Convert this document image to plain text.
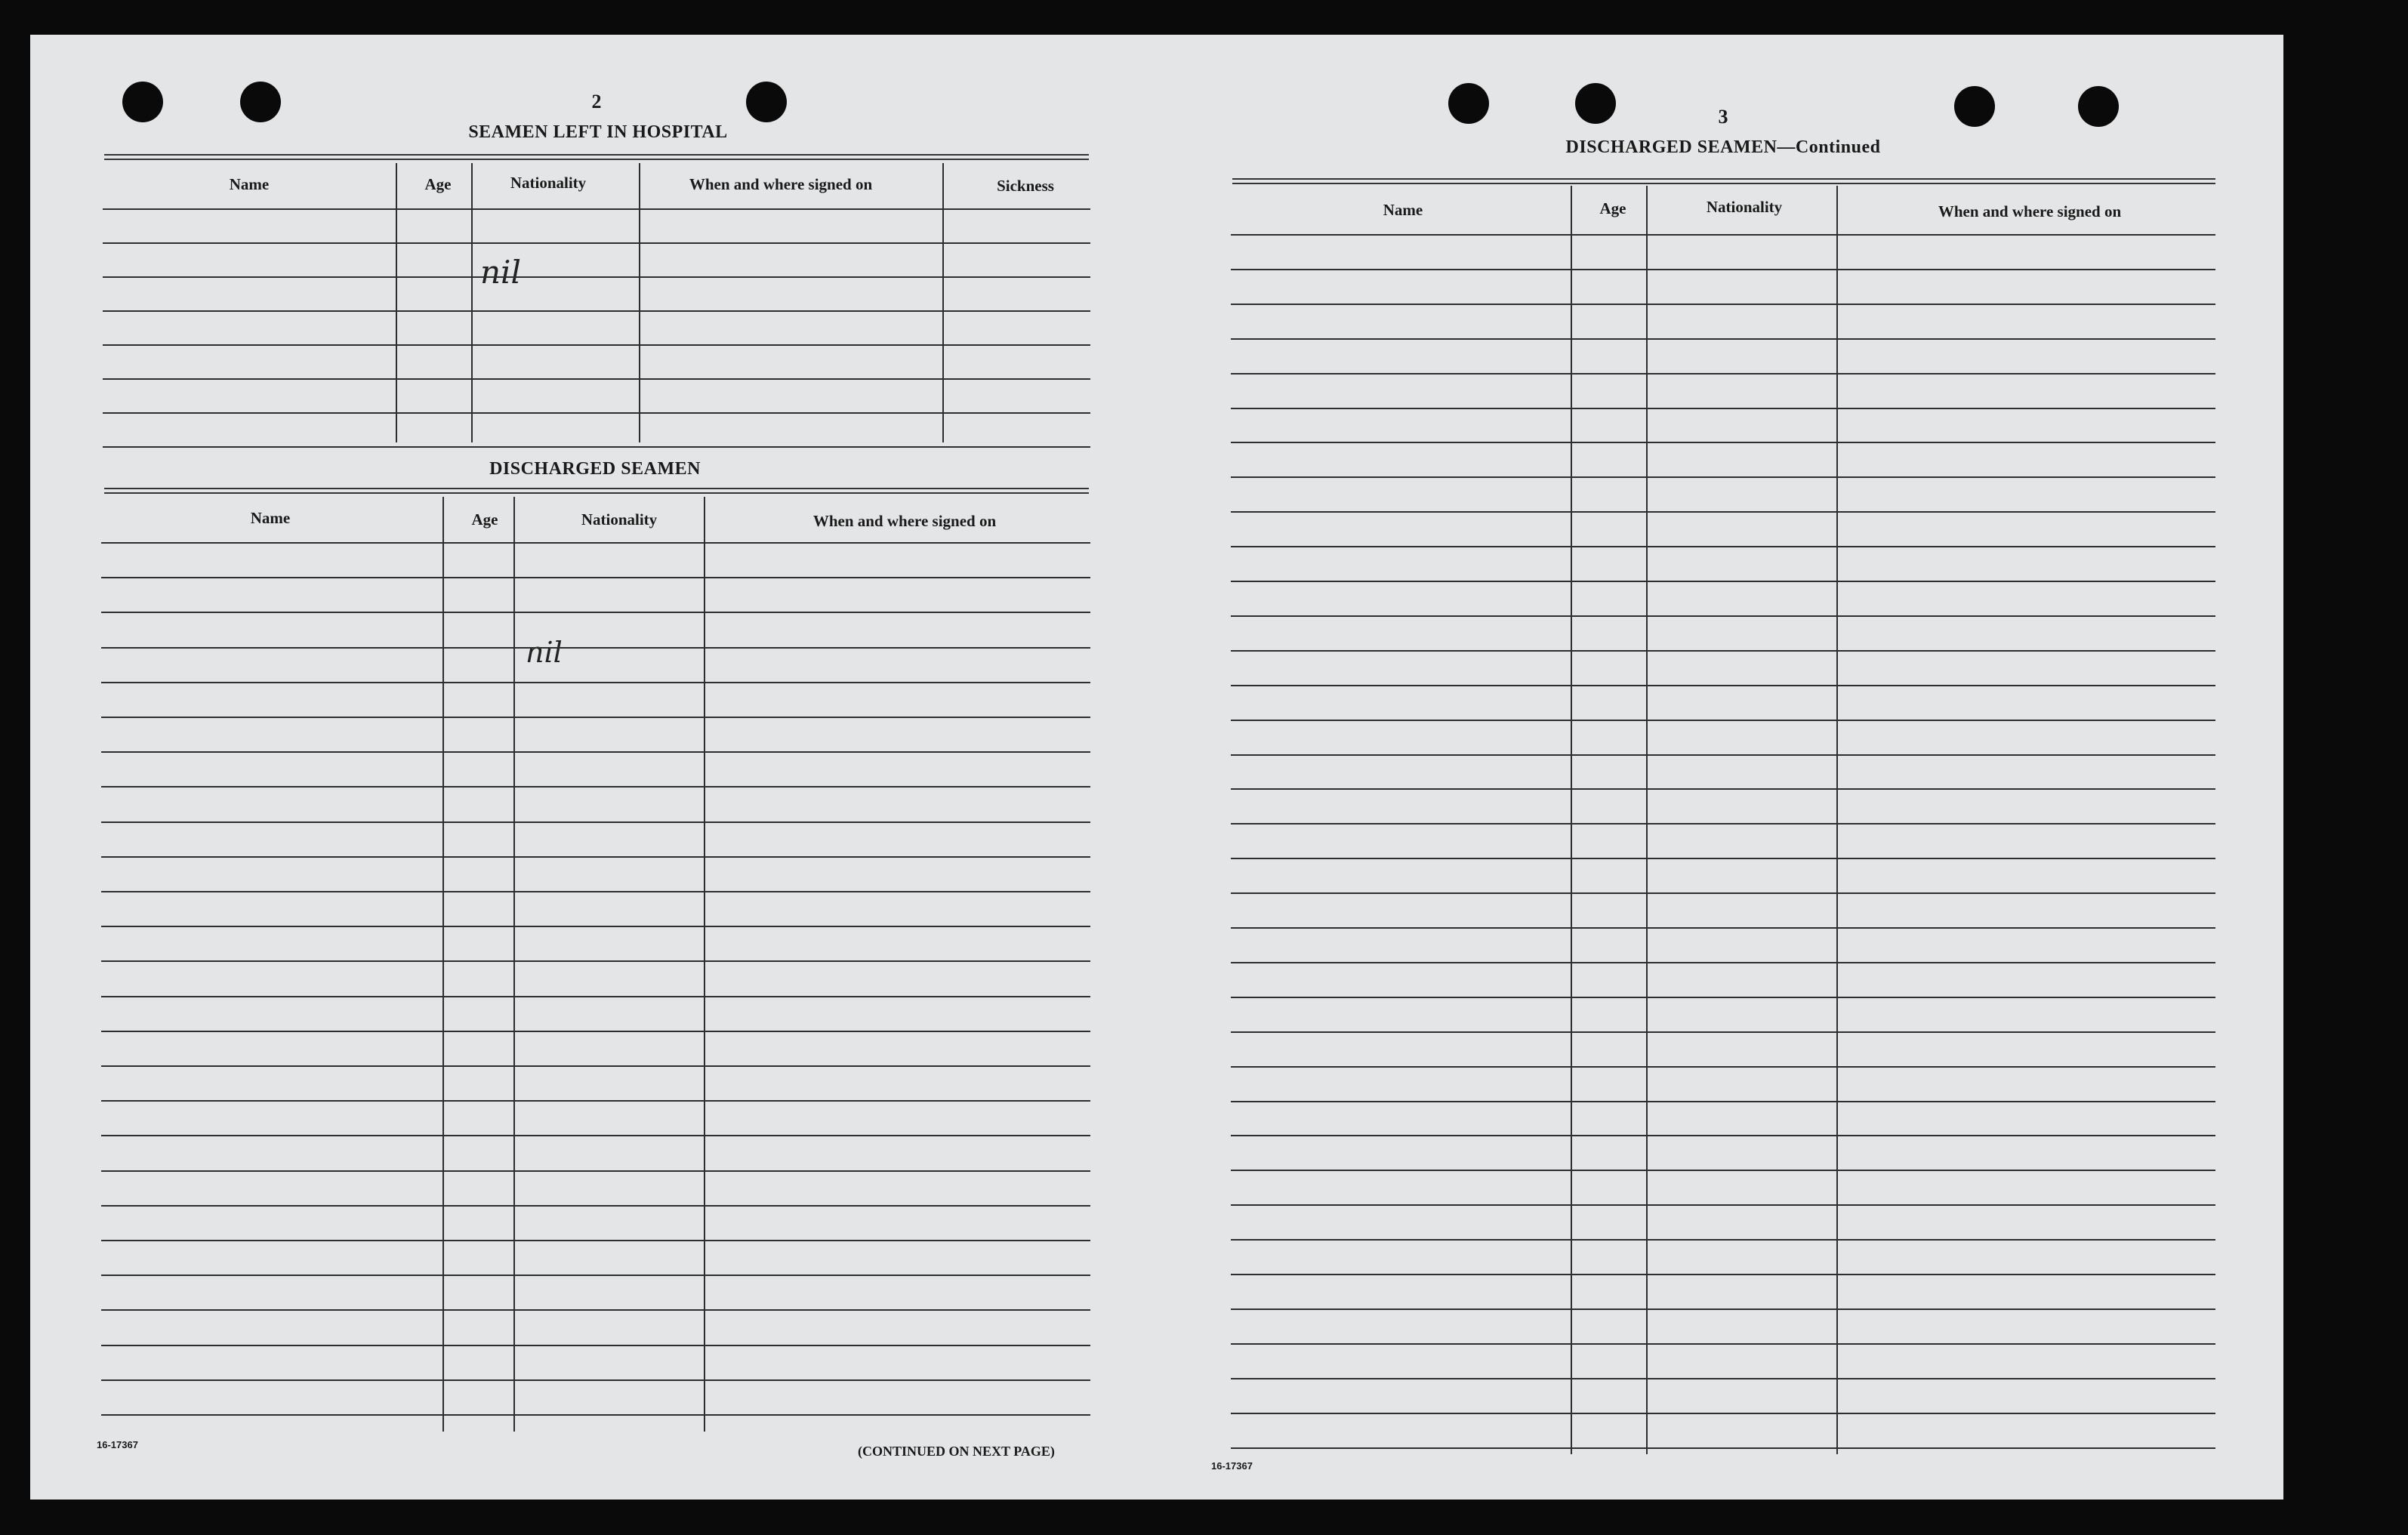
2
SEAMEN LEFT IN HOSPITAL
Name	Age	Nationality	When and where signed on	Sickness
nil
DISCHARGED SEAMEN
Name	Age	Nationality	When and where signed on
nil
16-17367	(CONTINUED ON NEXT PAGE)
3
DISCHARGED SEAMEN—Continued
Name	Age	Nationality	When and where signed on
16-17367
